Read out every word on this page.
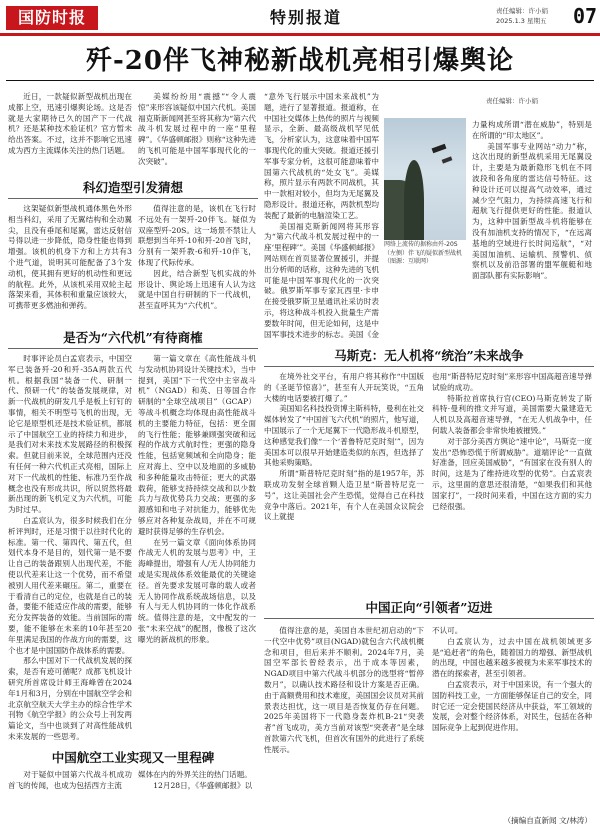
国防时报	特别报道	责任编辑：许小娟
2025.1.3 星期五 07
歼-20伴飞神秘新战机亮相引爆舆论

近日，一款疑似新型战机出现在成都上空，迅速引爆舆论场。这是否就是大家期待已久的国产下一代战机？还是某种技术验证机？官方暂未给出答案。不过，这并不影响它迅速成为西方主流媒体关注的热门话题。

美媒纷纷用“震撼”“令人震惊”来形容该疑似中国六代机。美国福克斯新闻网甚至将其称为“第六代战斗机发展过程中的一座“里程碑”。《华盛顿邮报》则称“这种先进的飞机可能是中国军事现代化的一次突破”。

科幻造型引发猜想

这架疑似新型战机通体黑色外形相当科幻，采用了无翼结构和全动翼尖，且没有垂尾和尾翼，雷达反射信号得以进一步降低，隐身性能也得到增强。该机的机身下方和上方共有3个进气道，说明其可能配备了3个发动机，使其拥有更好的机动性和更远的航程。此外，从该机采用双轮主起落架来看，其体积和重量应该较大，可携带更多燃油和弹药。

值得注意的是，该机在飞行时不远处有一架歼-20伴飞。疑似为双座型歼-20S。这一场景不禁让人联想到当年歼-10和歼-20首飞时，分别有一架歼教-6和歼-10伴飞，体现了代际传承。

因此，结合新型飞机实战的外形设计、舆论场上迅速有人认为这就是中国自行研制的下一代战机，甚至直呼其为“六代机”。

是否为“六代机”有待商榷

时事评论员白孟宸表示，中国空军已装备歼-20和歼-35A两款五代机。根据我国“装备一代、研制一代、预研一代”的装备发展规律，对新一代战机的研发几乎是板上钉钉的事情，相关不明型号飞机的出现，无论它是原型机还是技术验证机，都展示了中国航空工业的持续力和进步，是我们对未来技术发展路径的积极探索。但就目前来说，全球范围内还没有任何一种六代机正式亮相，国际上对下一代战机的性能、标准乃至作战概念也没有形成共识，所以贸然将最新出现的新飞机定义为六代机，可能为时过早。

白孟宸认为，很多时候我们在分析评判时，还是习惯于以往时代化的标准。第一代、第四代、第五代，但划代本身不是目的，划代第一是不要让自己的装备跟别人出现代差，不能使以代差来让这一个优势，而不希望被别人用代差来碾压。第二，重要在于看清自己的定位，也就是自己的装备，要能不能适应作战的需要，能够充分发挥装备的效能。当前国际的需要，能不能够在未来的10年甚至20年里满足我国的作战方向的需要，这个也才是中国国防作战体系的需要。

那么中国对下一代战机发展的探索，是否有迹可循呢？成都飞机设计研究所首席设计师王海峰曾在2024年1月和3月，分别在中国航空学会和北京航空航天大学主办的综合性学术刊物《航空学报》的公众号上刊发两篇论文，当中也谈到了对高性能战机未来发展的一些思考。

第一篇文章在《高性能战斗机与发动机协同设计关键技术》，当中提到，美国“下一代空中主宰战斗机”（NGAD）和英、日等国合作研制的“全球空战项目”（GCAP）等战斗机概念均体现由高性能战斗机的主要能力特征，包括：更全面的飞行性能；能够兼顾强突破和远程的作战方式航时性；更强的隐身性能，包括宽频域和全向隐身；能应对海上、空中以及地面的多威胁和多种能量攻击特征；更大的武器载荷，能够支持持续交战和以少数兵力与敌优势兵力交战；更强的多源感知和电子对抗能力，能够优先够应对各种复杂战局，并在不可规避时获得足够的生存机会。

在另一篇文章《面向体系协同作战无人机的发展与思考》中，王海峰提出，增强有人/无人协同能力或是实现战体系效能最优的关键途径。首先要求发展可靠的载人或者无人协同作战系统战场信息，以及有人与无人机协同的一体化作战系统。值得注意的是，文中配发的一张“未来空战”的配图，像极了这次曝光的新战机的形象。

中国航空工业实现又一里程碑

对于疑似中国第六代战斗机成功首飞的传闻，也成为包括西方主流

媒体在内的外界关注的热门话题。

12月28日，《华盛顿邮报》以

“意外飞行展示中国未来战机”为题，进行了显著报道。报道称，在中国社交媒体上热传的照片与视频显示，全新、最高级战机罕见低飞，分析家认为，这意味着中国军事现代化的重大突破。报道还援引军事专家分析，这很可能意味着中国第六代战机的“处女飞”。美媒称，照片显示有两款不同战机，其中一款相对较小，但均为无尾翼及隐形设计。报道还称，两款机型均装配了最新的电脑渲染工艺。

美国福克斯新闻网将其形容为“第六代战斗机发展过程中的一座‘里程碑’”。美国《华盛顿邮报》网站则在首页显著位置援引，并提出分析师的话称，这种先进的飞机可能是中国军事现代化的一次突破。俄罗斯军事专家瓦西里·卡申在接受俄罗斯卫星通讯社采访时表示，将这种战斗机投入批量生产需要数年时间，但无论如何，这是中国军事技术进步的标志。美国《金

责任编辑：许小娟
网络上流传的据称由歼-20S（左侧）伴飞的疑似新型战机（图源：互联网）

力量构成所谓“潜在威胁”，特别是在所谓的“印太地区”。

美国军事专业网站“动力”称，这次出现的新型战机采用无尾翼设计，主要是为最新隐形飞机在不同波段和各角度的雷达信号特征。这种设计还可以提高气动效率，通过减少空气阻力，为持续高速飞行和超航飞行提供更好的性能。报道认为，这种中国新型战斗机将能够在没有加油机支持的情况下，“在远离基地的空域进行长时间巡航”，“对美国加油机、运输机、预警机、侦察机以及前沿部署的盟军舰艇和地面部队都有实际影响”。

马斯克：无人机将“统治”未来战争

在境外社交平台，有用户将其称作“中国版的《圣诞节惊喜》”，甚至有人开玩笑说，“五角大楼的电话要被打爆了。”

美国知名科技投资博主斯科特，曼利在社交媒体转发了“中国首飞六代机”的照片，他写道，中国展示了一个无尾翼下一代隐形战斗机原型，这种感觉我们像“一个‘普鲁特尼克时刻’”，因为美国本可以很早开始建造类似的东西，但选择了其他采购策略。

所谓“斯普特尼克时刻”指的是1957年，苏联成功发射全球首颗人造卫星“斯普特尼克一号”，这让美国社会产生恐慌，觉得自己在科技竞争中落后。2021年，有个人在美国众议院会议上就提

也用“斯普特尼克时刻”来形容中国高超音速导弹试验的成功。

特斯拉首席执行官(CEO)马斯克转发了斯科特·曼利的推文并写道，美国需要大量建造无人机以及高超音速导弹，“在无人机战争中，任何载人装备都会非常快地被摧毁。”

对于部分美西方舆论“速中论”，马斯克一度发出“恐怖恐慌于所谓威胁”。道端评论“一直做好准备，回应美国威胁”，“有国家在没有别人的时间，这是为了维持进攻型的优势”。白孟宸表示，这里面的意思还很清楚，“如果我们和其他国家打”，一段时间来看，中国在这方面的实力已经很强。

中国正向“引领者”迈进

值得注意的是，美国自本世纪初启动的“下一代空中优势”项目(NGAD)就包含六代战机概念和项目，但后来并不顺利。2024年7月，美国空军部长曾经表示，出于成本等因素，NGAD项目中第六代战斗机部分的选型将“暂停数月”，以确认技术路径和设计方案是否正确。由于高额费用和技术难度，美国国会议员对其前景表达担忧，这一项目是否恢复仍存在问题。2025年美国将下一代隐身轰炸机B-21“突袭者”首飞成功，美方当前对该型“突袭者”是全球首款第六代飞机，但首次有国外的此进行了系统性展示。

不认可。

白孟宸认为，过去中国在战机领域更多是“追赶者”的角色，随着国力的增强、新型战机的出现，中国也越来越多被视为未来军事技术的潜在的探索者，甚至引领者。

白孟宸表示，对于中国来说，有一个强大的国防科技工业，一方面能够保证自己的安全，同时它还一定会使国民经济从中获益，军工领域的发展，会对整个经济体系，对民生，包括在各种国际竞争上起到促进作用。

（摘编自直新闻 文/林涛）
